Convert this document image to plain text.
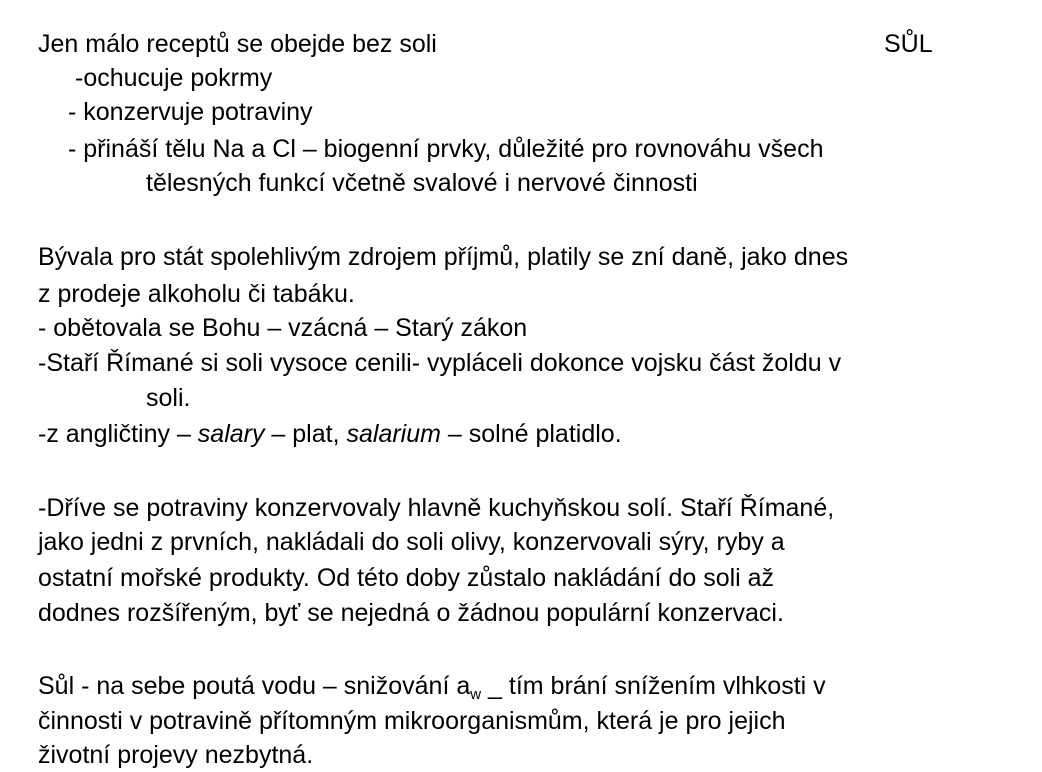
SŮL

Jen málo receptů se obejde bez soli

-ochucuje pokrmy

- konzervuje potraviny

- přináší tělu Na a Cl – biogenní prvky, důležité pro rovnováhu všech

tělesných funkcí včetně svalové i nervové činnosti

Bývala pro stát spolehlivým zdrojem příjmů, platily se zní daně, jako dnes

z prodeje alkoholu či tabáku.

- obětovala se Bohu – vzácná – Starý zákon

-Staří Římané si soli vysoce cenili- vypláceli dokonce vojsku část žoldu v

soli.

-z angličtiny – salary – plat, salarium – solné platidlo.

-Dříve se potraviny konzervovaly hlavně kuchyňskou solí. Staří Římané,

jako jedni z prvních, nakládali do soli olivy, konzervovali sýry, ryby a

ostatní mořské produkty. Od této doby zůstalo nakládání do soli až

dodnes rozšířeným, byť se nejedná o žádnou populární konzervaci.

Sůl - na sebe poutá vodu – snižování $a_w$ _ tím brání snížením vlhkosti v

činnosti v potravině přítomným mikroorganismům, která je pro jejich

životní projevy nezbytná.
